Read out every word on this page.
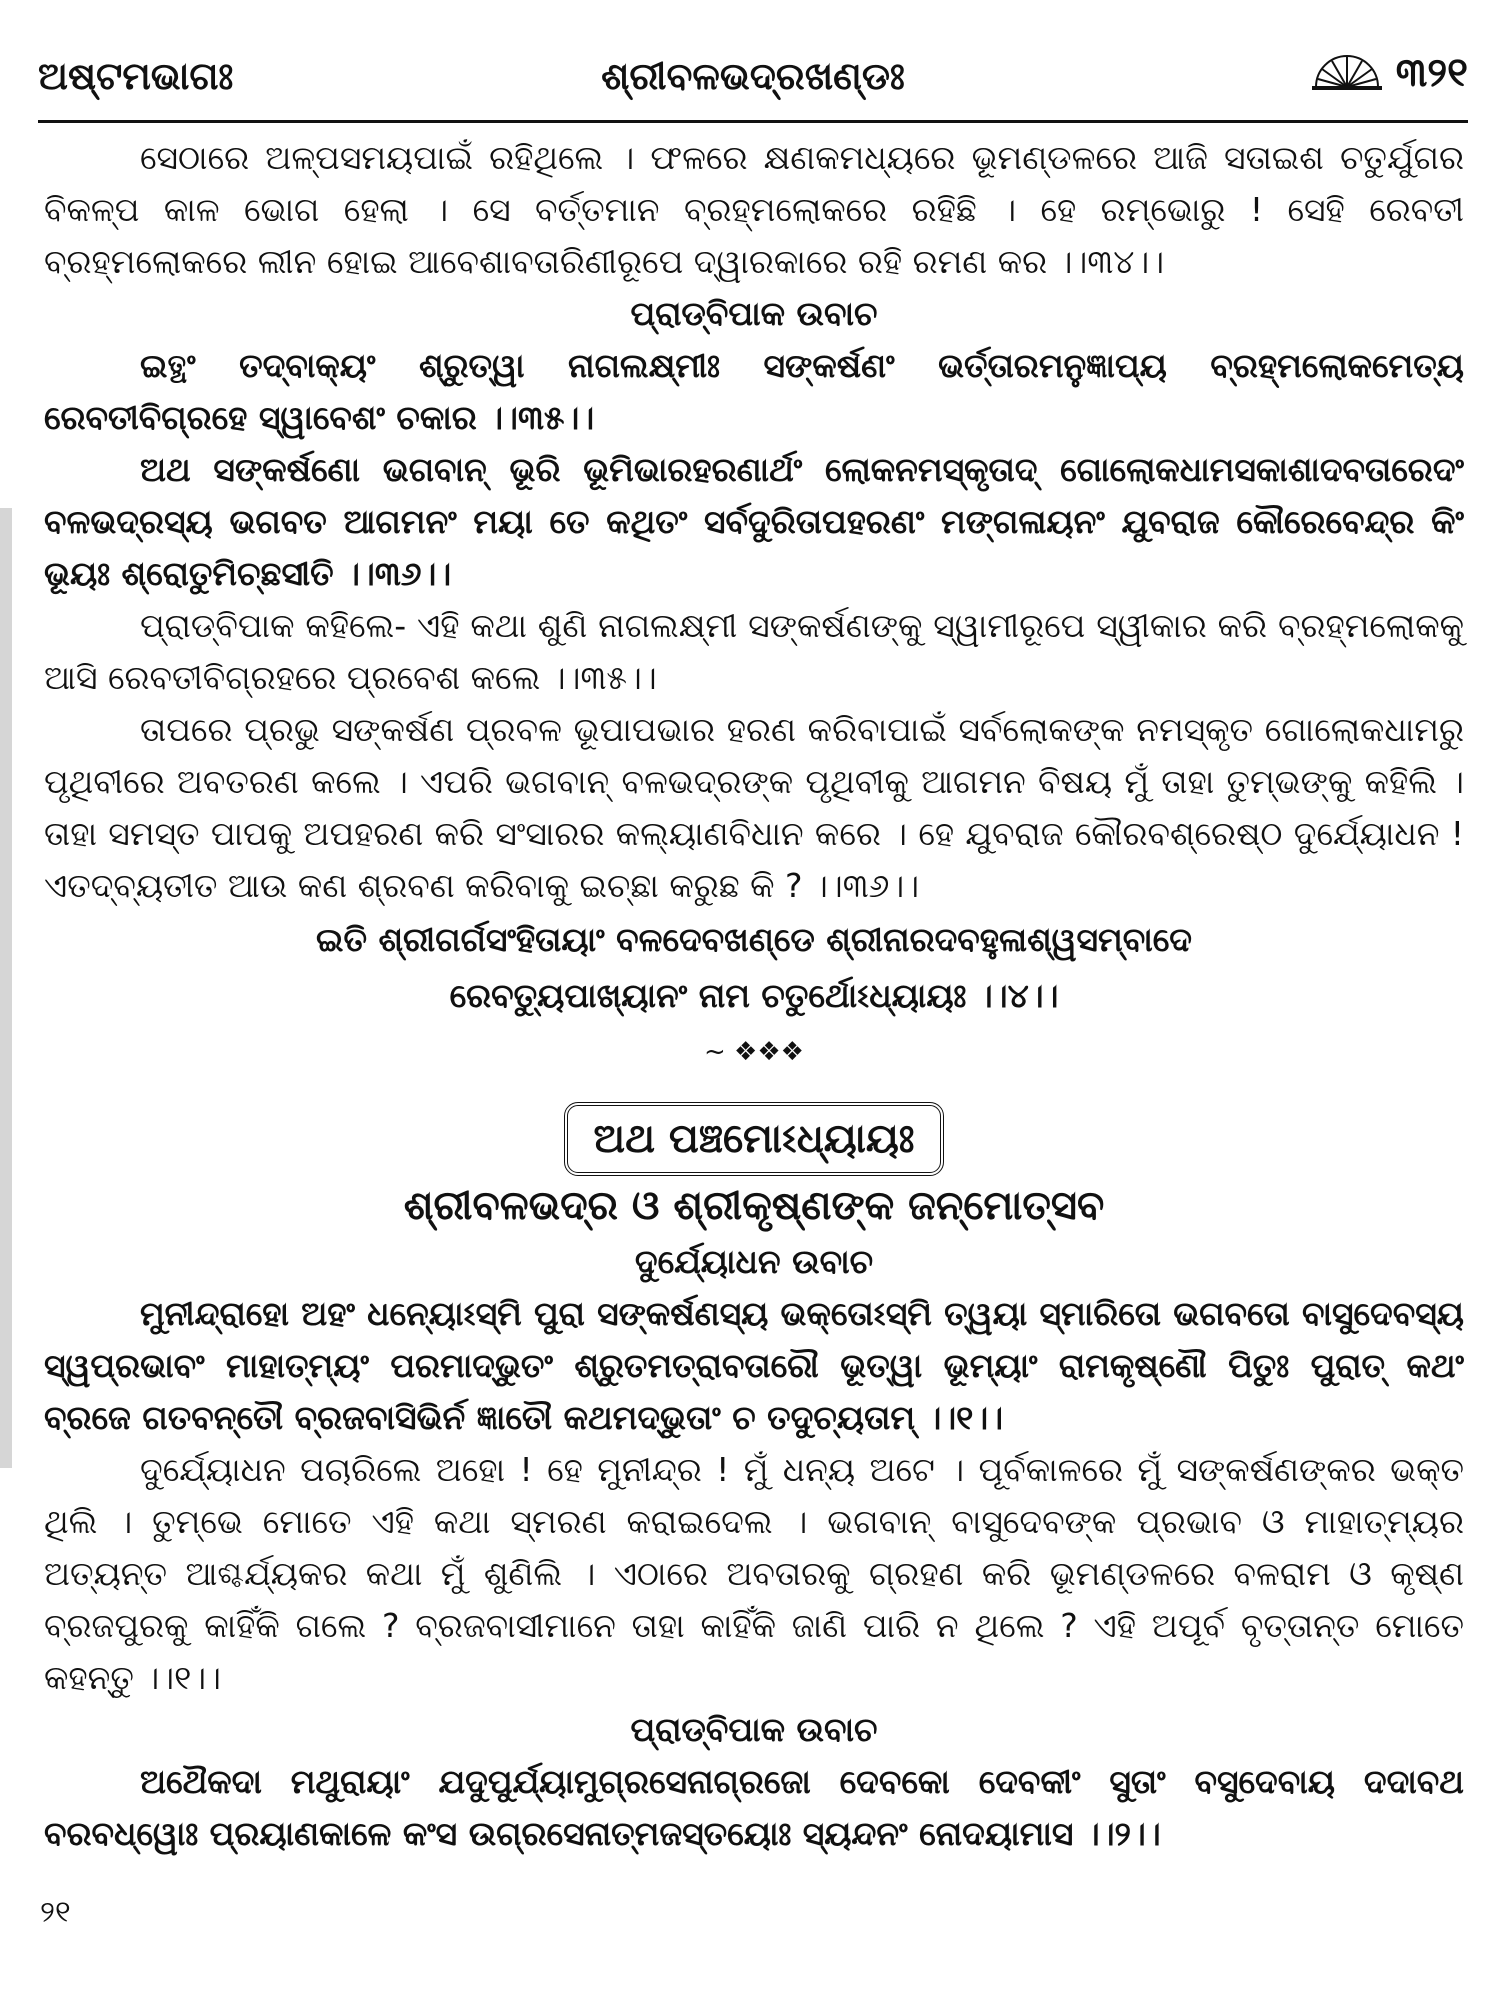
ଅଷ୍ଟମଭାଗଃ	ଶ୍ରୀବଳଭଦ୍ରଖଣ୍ଡଃ	୩୨୧

ସେଠାରେ ଅଳ୍ପସମୟପାଇଁ ରହିଥିଲେ । ଫଳରେ କ୍ଷଣକମଧ୍ୟରେ ଭୂମଣ୍ଡଳରେ ଆଜି ସତାଇଶ ଚତୁର୍ଯୁଗର ବିକଳ୍ପ କାଳ ଭୋଗ ହେଲା । ସେ ବର୍ତ୍ତମାନ ବ୍ରହ୍ମଲୋକରେ ରହିଛି । ହେ ରମ୍ଭୋରୁ ! ସେହି ରେବତୀ ବ୍ରହ୍ମଲୋକରେ ଲୀନ ହୋଇ ଆବେଶାବତାରିଣୀରୂପେ ଦ୍ୱାରକାରେ ରହି ରମଣ କର ।।୩୪।।

ପ୍ରାଡ୍‌ବିପାକ ଉବାଚ

ଇତ୍ଥଂ ତଦ୍‌ବାକ୍ୟଂ ଶ୍ରୁତ୍ୱା ନାଗଲକ୍ଷ୍ମୀଃ ସଙ୍କର୍ଷଣଂ ଭର୍ତ୍ତାରମନୁଜ୍ଞାପ୍ୟ ବ୍ରହ୍ମଲୋକମେତ୍ୟ ରେବତୀବିଗ୍ରହେ ସ୍ୱାବେଶଂ ଚକାର ।।୩୫।।

ଅଥ ସଙ୍କର୍ଷଣୋ ଭଗବାନ୍ ଭୂରି ଭୂମିଭାରହରଣାର୍ଥଂ ଲୋକନମସ୍କୃତାଦ୍ ଗୋଲୋକଧାମସକାଶାଦବତାରେଦଂ ବଳଭଦ୍ରସ୍ୟ ଭଗବତ ଆଗମନଂ ମୟା ତେ କଥିତଂ ସର୍ବଦୁରିତାପହରଣଂ ମଙ୍ଗଳାୟନଂ ଯୁବରାଜ କୌରେବେନ୍ଦ୍ର କିଂ ଭୂୟଃ ଶ୍ରୋତୁମିଚ୍ଛସୀତି ।।୩୬।।

ପ୍ରାଡ୍‌ବିପାକ କହିଲେ- ଏହି କଥା ଶୁଣି ନାଗଲକ୍ଷ୍ମୀ ସଙ୍କର୍ଷଣଙ୍କୁ ସ୍ୱାମୀରୂପେ ସ୍ୱୀକାର କରି ବ୍ରହ୍ମଲୋକକୁ ଆସି ରେବତୀବିଗ୍ରହରେ ପ୍ରବେଶ କଲେ ।।୩୫।।

ତାପରେ ପ୍ରଭୁ ସଙ୍କର୍ଷଣ ପ୍ରବଳ ଭୂପାପଭାର ହରଣ କରିବାପାଇଁ ସର୍ବଲୋକଙ୍କ ନମସ୍କୃତ ଗୋଲୋକଧାମରୁ ପୃଥିବୀରେ ଅବତରଣ କଲେ । ଏପରି ଭଗବାନ୍ ବଳଭଦ୍ରଙ୍କ ପୃଥିବୀକୁ ଆଗମନ ବିଷୟ ମୁଁ ତାହା ତୁମ୍ଭଙ୍କୁ କହିଲି । ତାହା ସମସ୍ତ ପାପକୁ ଅପହରଣ କରି ସଂସାରର କଲ୍ୟାଣବିଧାନ କରେ । ହେ ଯୁବରାଜ କୌରବଶ୍ରେଷ୍ଠ ଦୁର୍ଯ୍ୟୋଧନ ! ଏତଦ୍‌ବ୍ୟତୀତ ଆଉ କଣ ଶ୍ରବଣ କରିବାକୁ ଇଚ୍ଛା କରୁଛ କି ? ।।୩୬।।

ଇତି ଶ୍ରୀଗର୍ଗସଂହିତାୟାଂ ବଳଦେବଖଣ୍ଡେ ଶ୍ରୀନାରଦବହୁଳାଶ୍ୱସମ୍ବାଦେ
ରେବତ୍ୟୁପାଖ୍ୟାନଂ ନାମ ଚତୁର୍ଥୋଽଧ୍ୟାୟଃ ।।୪।।
~ ❖❖❖
ଅଥ ପଞ୍ଚମୋଽଧ୍ୟାୟଃ
ଶ୍ରୀବଳଭଦ୍ର ଓ ଶ୍ରୀକୃଷ୍ଣଙ୍କ ଜନ୍ମୋତ୍ସବ
ଦୁର୍ଯ୍ୟୋଧନ ଉବାଚ

ମୁନୀନ୍ଦ୍ରାହୋ ଅହଂ ଧନ୍ୟୋଽସ୍ମି ପୁରା ସଙ୍କର୍ଷଣସ୍ୟ ଭକ୍ତୋଽସ୍ମି ତ୍ୱୟା ସ୍ମାରିତୋ ଭଗବତୋ ବାସୁଦେବସ୍ୟ ସ୍ୱପ୍ରଭାବଂ ମାହାତ୍ମ୍ୟଂ ପରମାଦ୍ଭୁତଂ ଶ୍ରୁତମତ୍ରାବତାରୌ ଭୂତ୍ୱା ଭୂମ୍ୟାଂ ରାମକୃଷ୍ଣୌ ପିତୁଃ ପୁରାତ୍ କଥଂ ବ୍ରଜେ ଗତବନ୍ତୌ ବ୍ରଜବାସିଭିର୍ନ ଜ୍ଞାତୌ କଥମଦ୍ଭୁତାଂ ଚ ତଦୁଚ୍ୟତାମ୍ ।।୧।।

ଦୁର୍ଯ୍ୟୋଧନ ପଚାରିଲେ ଅହୋ ! ହେ ମୁନୀନ୍ଦ୍ର ! ମୁଁ ଧନ୍ୟ ଅଟେ । ପୂର୍ବକାଳରେ ମୁଁ ସଙ୍କର୍ଷଣଙ୍କର ଭକ୍ତ ଥିଲି । ତୁମ୍ଭେ ମୋତେ ଏହି କଥା ସ୍ମରଣ କରାଇଦେଲ । ଭଗବାନ୍ ବାସୁଦେବଙ୍କ ପ୍ରଭାବ ଓ ମାହାତ୍ମ୍ୟର ଅତ୍ୟନ୍ତ ଆଶ୍ଚର୍ଯ୍ୟକର କଥା ମୁଁ ଶୁଣିଲି । ଏଠାରେ ଅବତାରକୁ ଗ୍ରହଣ କରି ଭୂମଣ୍ଡଳରେ ବଳରାମ ଓ କୃଷ୍ଣ ବ୍ରଜପୁରକୁ କାହିଁକି ଗଲେ ? ବ୍ରଜବାସୀମାନେ ତାହା କାହିଁକି ଜାଣି ପାରି ନ ଥିଲେ ? ଏହି ଅପୂର୍ବ ବୃତ୍ତାନ୍ତ ମୋତେ କହନ୍ତୁ ।।୧।।

ପ୍ରାଡ୍‌ବିପାକ ଉବାଚ

ଅଥୈକଦା ମଥୁରାୟାଂ ଯଦୁପୁର୍ଯ୍ୟାମୁଗ୍ରସେନାଗ୍ରଜୋ ଦେବକୋ ଦେବକୀଂ ସୁତାଂ ବସୁଦେବାୟ ଦଦାବଥ ବରବଧ୍ୱୋଃ ପ୍ରୟାଣକାଳେ କଂସ ଉଗ୍ରସେନାତ୍ମଜସ୍ତୟୋଃ ସ୍ୟନ୍ଦନଂ ନୋଦୟାମାସ ।।୨।।

୨୧
